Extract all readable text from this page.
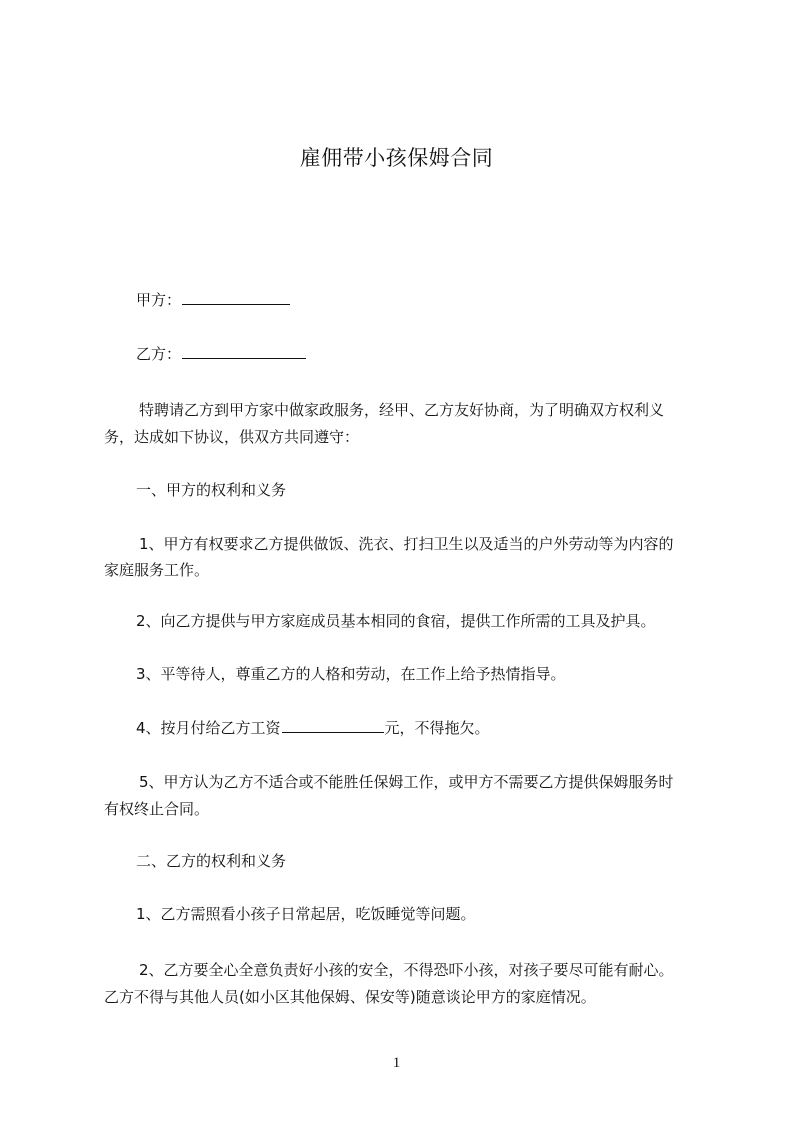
雇佣带小孩保姆合同
甲方：
乙方：
特聘请乙方到甲方家中做家政服务，经甲、乙方友好协商，为了明确双方权利义
务，达成如下协议，供双方共同遵守：
一、甲方的权利和义务
1、甲方有权要求乙方提供做饭、洗衣、打扫卫生以及适当的户外劳动等为内容的
家庭服务工作。
2、向乙方提供与甲方家庭成员基本相同的食宿，提供工作所需的工具及护具。
3、平等待人，尊重乙方的人格和劳动，在工作上给予热情指导。
4、按月付给乙方工资	元，不得拖欠。
5、甲方认为乙方不适合或不能胜任保姆工作，或甲方不需要乙方提供保姆服务时
有权终止合同。
二、乙方的权利和义务
1、乙方需照看小孩子日常起居，吃饭睡觉等问题。
2、乙方要全心全意负责好小孩的安全，不得恐吓小孩，对孩子要尽可能有耐心。
乙方不得与其他人员(如小区其他保姆、保安等)随意谈论甲方的家庭情况。
1
